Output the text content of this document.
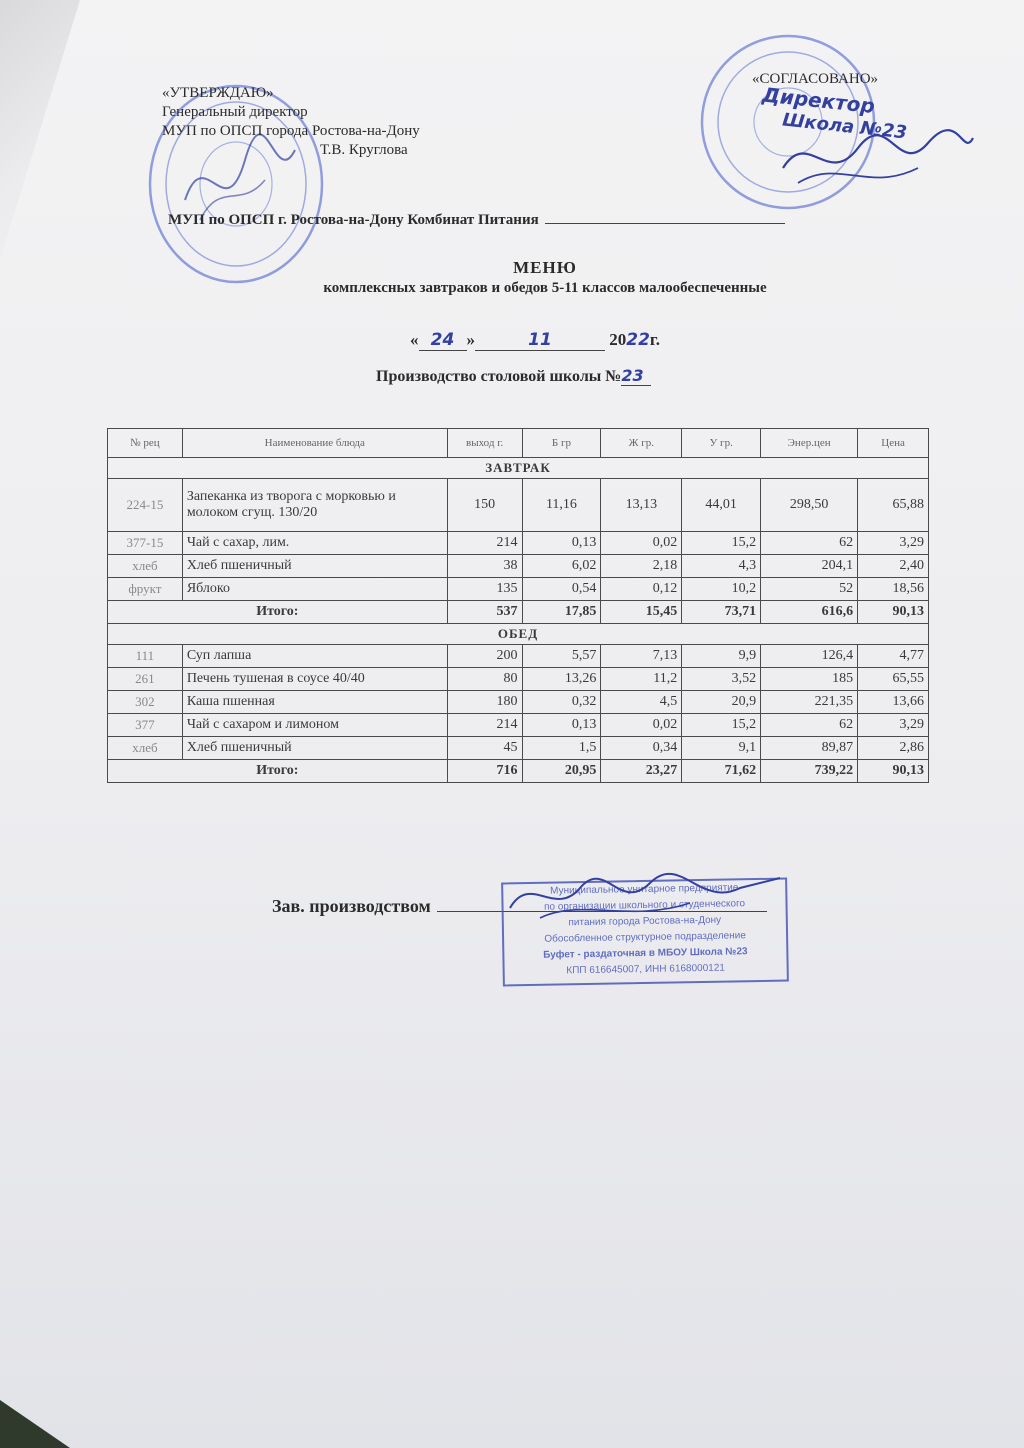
«УТВЕРЖДАЮ»
Генеральный директор
МУП по ОПСП города Ростова-на-Дону
Т.В. Круглова
«СОГЛАСОВАНО»
Директор
Школа №23
МУП по ОПСП г. Ростова-на-Дону Комбинат Питания
МЕНЮ
комплексных завтраков и обедов 5-11 классов малообеспеченные
« 24 »	11	2022г.
Производство столовой школы №23
№ рец	Наименование блюда	выход г.	Б гр	Ж гр.	У гр.	Энер.цен	Цена
ЗАВТРАК							
224-15	Запеканка из творога с морковью и молоком сгущ. 130/20	150	11,16	13,13	44,01	298,50	65,88
377-15	Чай с сахар, лим.	214	0,13	0,02	15,2	62	3,29
хлеб	Хлеб пшеничный	38	6,02	2,18	4,3	204,1	2,40
фрукт	Яблоко	135	0,54	0,12	10,2	52	18,56
Итого:		537	17,85	15,45	73,71	616,6	90,13
ОБЕД							
111	Суп лапша	200	5,57	7,13	9,9	126,4	4,77
261	Печень тушеная в соусе 40/40	80	13,26	11,2	3,52	185	65,55
302	Каша пшенная	180	0,32	4,5	20,9	221,35	13,66
377	Чай с сахаром и лимоном	214	0,13	0,02	15,2	62	3,29
хлеб	Хлеб пшеничный	45	1,5	0,34	9,1	89,87	2,86
Итого:		716	20,95	23,27	71,62	739,22	90,13
Зав. производством
Муниципальное унитарное предприятие
по организации школьного и студенческого
питания города Ростова-на-Дону
Обособленное структурное подразделение
Буфет - раздаточная в МБОУ Школа №23
КПП 616645007, ИНН 6168000121
